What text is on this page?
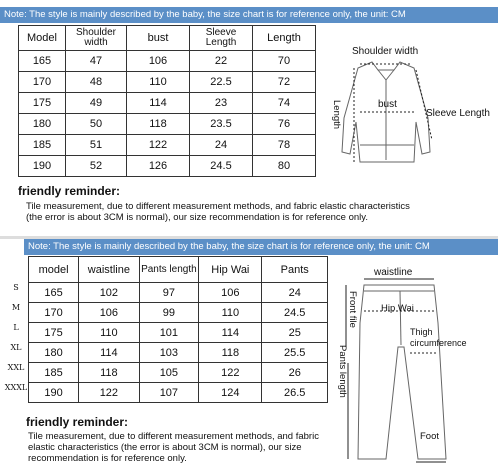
Note: The style is mainly described by the baby, the size chart is for reference only, the unit: CM
Model	Shoulder width	bust	Sleeve Length	Length
165	47	106	22	70
170	48	110	22.5	72
175	49	114	23	74
180	50	118	23.5	76
185	51	122	24	78
190	52	126	24.5	80
Shoulder width
bust
Length	Sleeve Length
friendly reminder:
Tile measurement, due to different measurement methods, and fabric elastic characteristics (the error is about 3CM is normal), our size recommendation is for reference only.
Note: The style is mainly described by the baby, the size chart is for reference only, the unit: CM
S
M
L
XL
XXL
XXXL
model	waistline	Pants length	Hip Wai	Pants
165	102	97	106	24
170	106	99	110	24.5
175	110	101	114	25
180	114	103	118	25.5
185	118	105	122	26
190	122	107	124	26.5
waistline
Hip Wai
Front file
Thigh circumference
Pants length
Foot
friendly reminder:
Tile measurement, due to different measurement methods, and fabric elastic characteristics (the error is about 3CM is normal), our size recommendation is for reference only.
